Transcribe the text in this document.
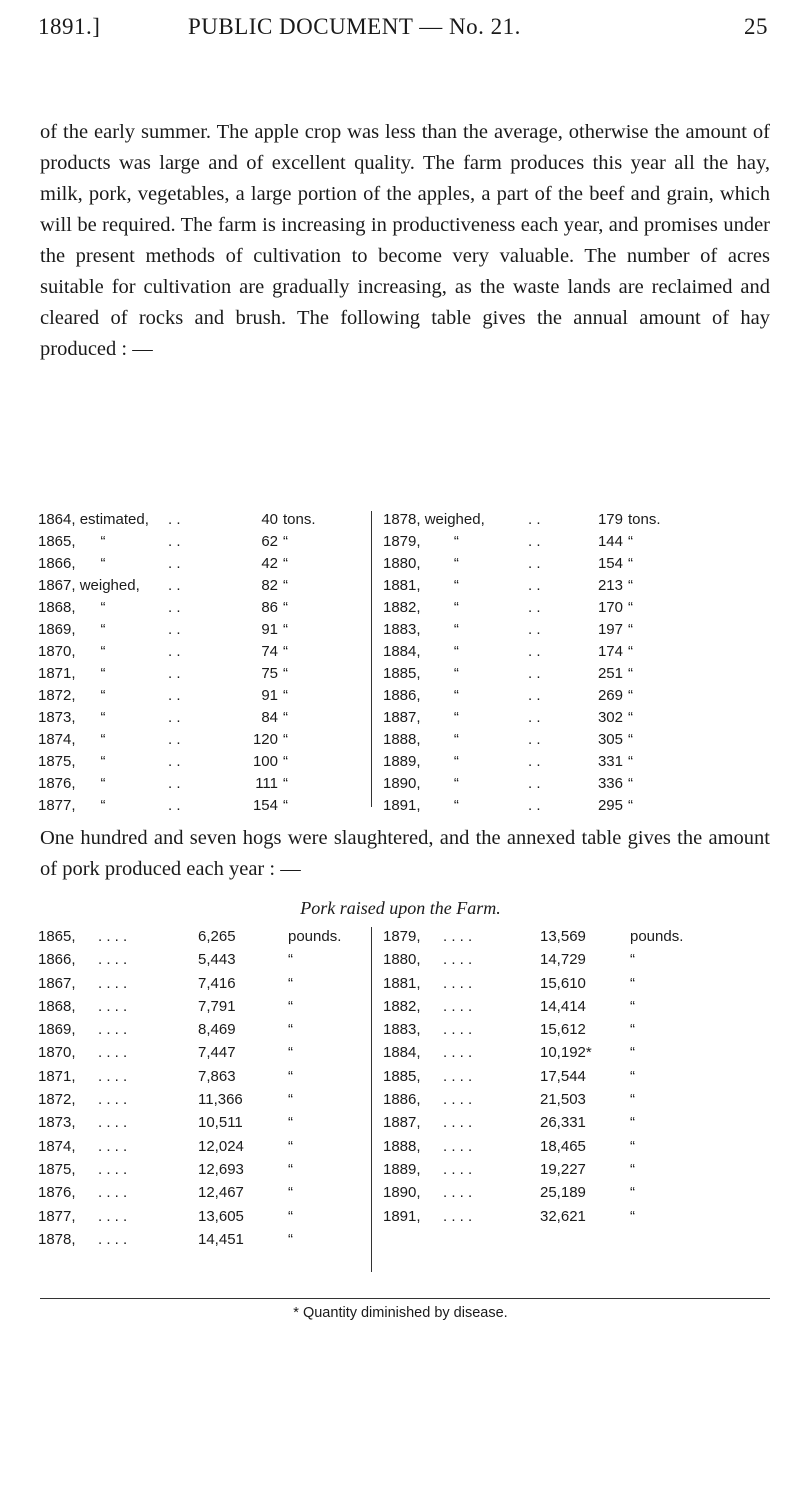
1891.]	PUBLIC DOCUMENT — No. 21.	25
of the early summer. The apple crop was less than the average, otherwise the amount of products was large and of excellent quality. The farm produces this year all the hay, milk, pork, vegetables, a large portion of the apples, a part of the beef and grain, which will be required. The farm is increasing in productiveness each year, and promises under the present methods of cultivation to become very valuable. The number of acres suitable for cultivation are gradually increasing, as the waste lands are reclaimed and cleared of rocks and brush. The following table gives the annual amount of hay produced : —
1864, estimated, . .	40 tons.
1865,      “	. .	62 “
1866,      “	. .	42 “
1867, weighed, . .	82 “
1868,      “	. .	86 “
1869,      “	. .	91 “
1870,      “	. .	74 “
1871,      “	. .	75 “
1872,      “	. .	91 “
1873,      “	. .	84 “
1874,      “	. .	120 “
1875,      “	. .	100 “
1876,      “	. .	111 “
1877,      “	. .	154 “
1878, weighed,	. .	179 tons.
1879,        “	. .	144 “
1880,        “	. .	154 “
1881,        “	. .	213 “
1882,        “	. .	170 “
1883,        “	. .	197 “
1884,        “	. .	174 “
1885,        “	. .	251 “
1886,        “	. .	269 “
1887,        “	. .	302 “
1888,        “	. .	305 “
1889,        “	. .	331 “
1890,        “	. .	336 “
1891,        “	. .	295 “
One hundred and seven hogs were slaughtered, and the annexed table gives the amount of pork produced each year : —
Pork raised upon the Farm.
1865, . . . .	6,265	pounds.
1866, . . . .	5,443	“
1867, . . . .	7,416	“
1868, . . . .	7,791	“
1869, . . . .	8,469	“
1870, . . . .	7,447	“
1871, . . . .	7,863	“
1872, . . . .	11,366	“
1873, . . . .	10,511	“
1874, . . . .	12,024	“
1875, . . . .	12,693	“
1876, . . . .	12,467	“
1877, . . . .	13,605	“
1878, . . . .	14,451	“
1879, . . . .	13,569	pounds.
1880, . . . .	14,729	“
1881, . . . .	15,610	“
1882, . . . .	14,414	“
1883, . . . .	15,612	“
1884, . . . .	10,192*	“
1885, . . . .	17,544	“
1886, . . . .	21,503	“
1887, . . . .	26,331	“
1888, . . . .	18,465	“
1889, . . . .	19,227	“
1890, . . . .	25,189	“
1891, . . . .	32,621	“
* Quantity diminished by disease.
